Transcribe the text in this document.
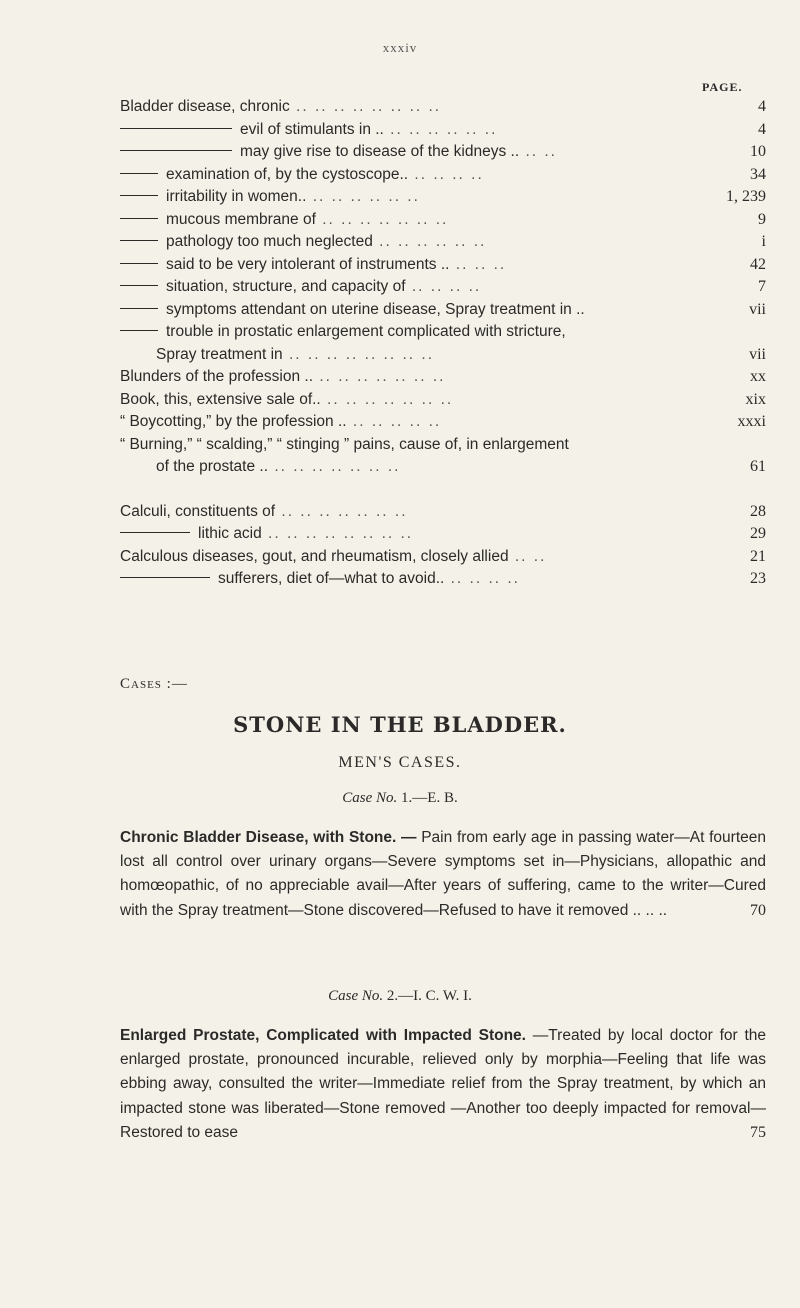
xxxiv
PAGE.
Bladder disease, chronic .. .. .. .. .. .. .. ..	4
evil of stimulants in .. .. .. .. .. .. ..	4
may give rise to disease of the kidneys .. .. ..	10
examination of, by the cystoscope.. .. .. .. ..	34
irritability in women.. .. .. .. .. .. ..	1, 239
mucous membrane of .. .. .. .. .. .. ..	9
pathology too much neglected .. .. .. .. .. ..	i
said to be very intolerant of instruments .. .. .. ..	42
situation, structure, and capacity of .. .. .. ..	7
symptoms attendant on uterine disease, Spray treatment in ..	vii
trouble in prostatic enlargement complicated with stricture,
Spray treatment in .. .. .. .. .. .. .. ..	vii
Blunders of the profession .. .. .. .. .. .. .. ..	xx
Book, this, extensive sale of.. .. .. .. .. .. .. ..	xix
“ Boycotting,” by the profession .. .. .. .. .. ..	xxxi
“ Burning,” “ scalding,” “ stinging ” pains, cause of, in enlargement
of the prostate .. .. .. .. .. .. .. ..	61
Calculi, constituents of .. .. .. .. .. .. ..	28
lithic acid .. .. .. .. .. .. .. ..	29
Calculous diseases, gout, and rheumatism, closely allied .. ..	21
sufferers, diet of—what to avoid.. .. .. .. ..	23
Cases :—
STONE IN THE BLADDER.
MEN'S CASES.
Case No. 1.—E. B.
Chronic Bladder Disease, with Stone. — Pain from early age in passing water—At fourteen lost all control over urinary organs—Severe symptoms set in—Physicians, allopathic and homœopathic, of no appreciable avail—After years of suffering, came to the writer—Cured with the Spray treatment—Stone discovered—Refused to have it removed .. .. ..	70
Case No. 2.—I. C. W. I.
Enlarged Prostate, Complicated with Impacted Stone. —Treated by local doctor for the enlarged prostate, pronounced incurable, relieved only by morphia—Feeling that life was ebbing away, consulted the writer—Immediate relief from the Spray treatment, by which an impacted stone was liberated—Stone removed —Another too deeply impacted for removal—Restored to ease	75
